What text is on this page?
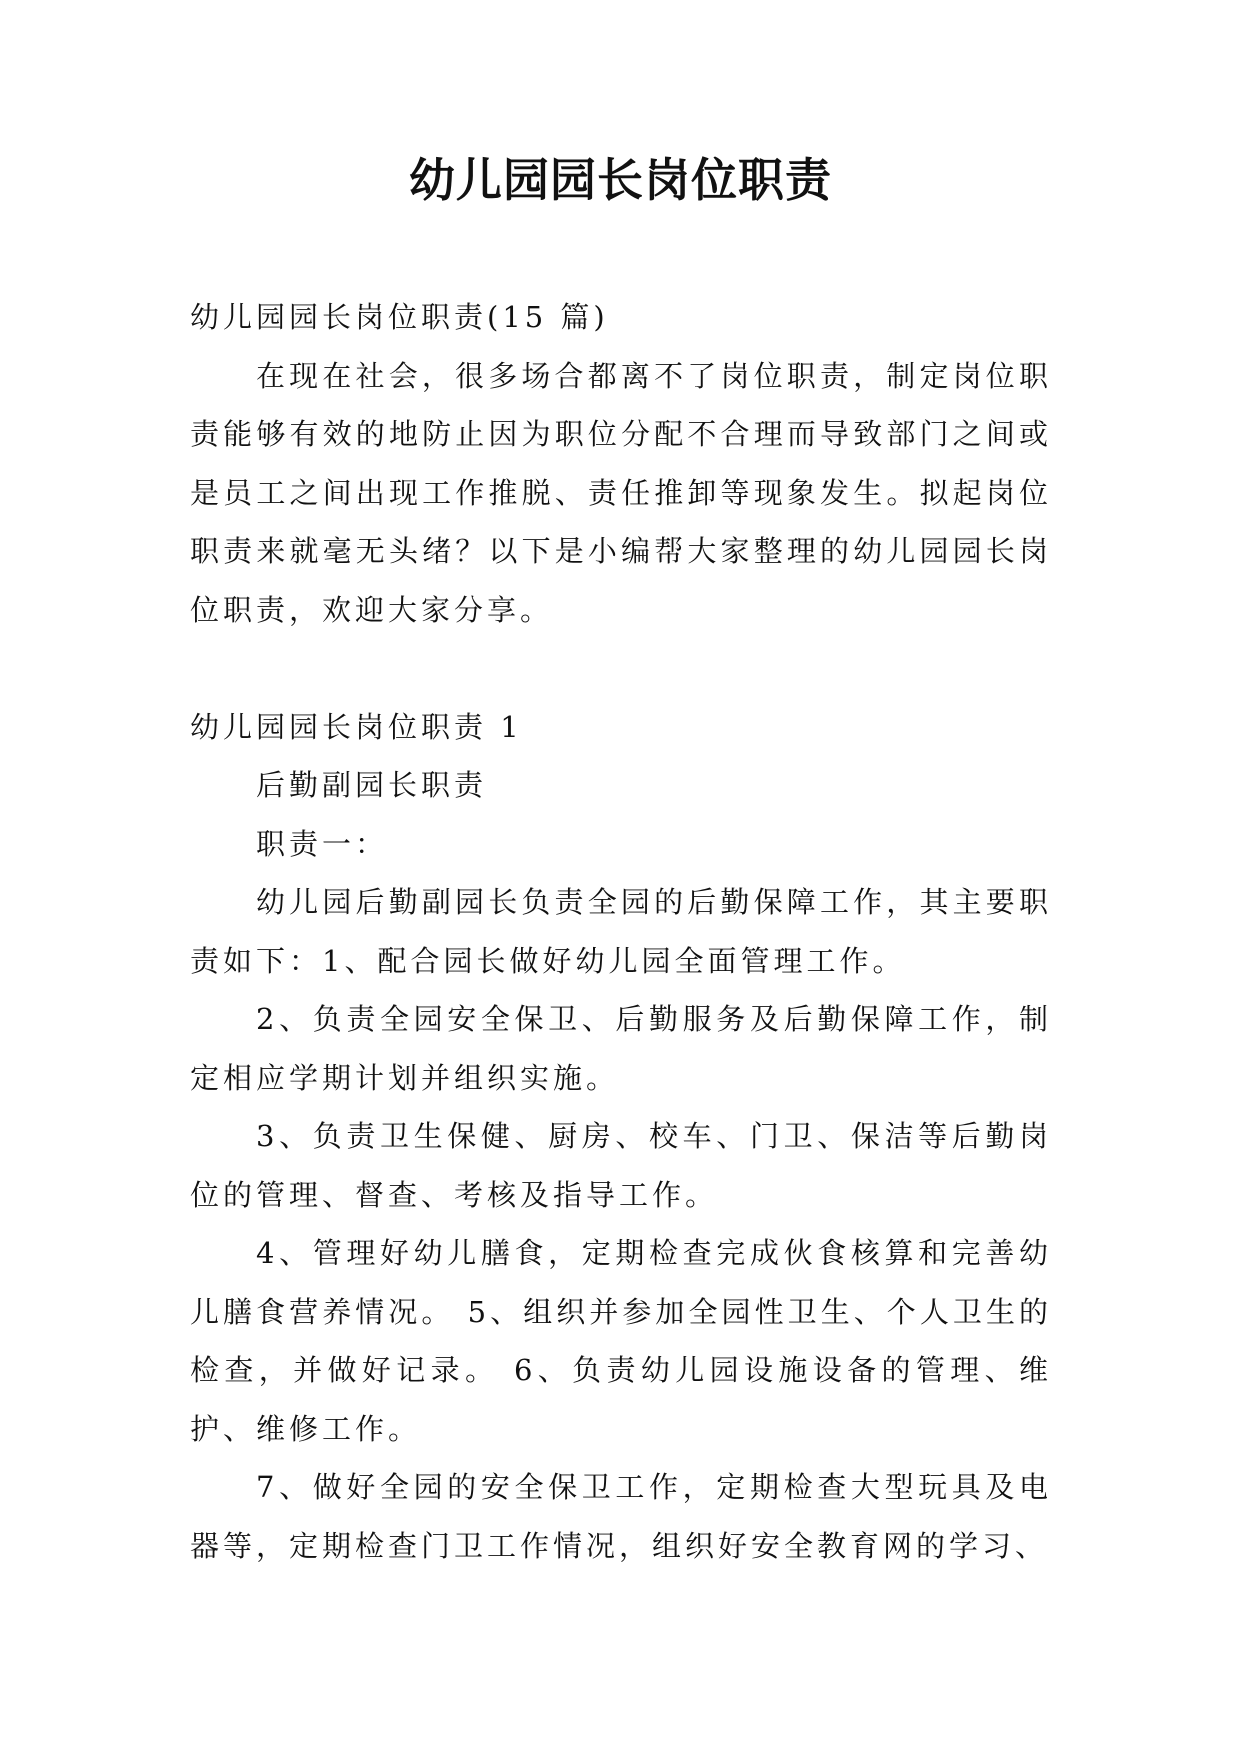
幼儿园园长岗位职责

幼儿园园长岗位职责(15 篇)

在现在社会，很多场合都离不了岗位职责，制定岗位职责能够有效的地防止因为职位分配不合理而导致部门之间或是员工之间出现工作推脱、责任推卸等现象发生。拟起岗位职责来就毫无头绪？以下是小编帮大家整理的幼儿园园长岗位职责，欢迎大家分享。

幼儿园园长岗位职责 1

后勤副园长职责

职责一：

幼儿园后勤副园长负责全园的后勤保障工作，其主要职责如下：1、配合园长做好幼儿园全面管理工作。

2、负责全园安全保卫、后勤服务及后勤保障工作，制定相应学期计划并组织实施。

3、负责卫生保健、厨房、校车、门卫、保洁等后勤岗位的管理、督查、考核及指导工作。

4、管理好幼儿膳食，定期检查完成伙食核算和完善幼儿膳食营养情况。 5、组织并参加全园性卫生、个人卫生的检查，并做好记录。 6、负责幼儿园设施设备的管理、维护、维修工作。

7、做好全园的安全保卫工作，定期检查大型玩具及电器等，定期检查门卫工作情况，组织好安全教育网的学习、
